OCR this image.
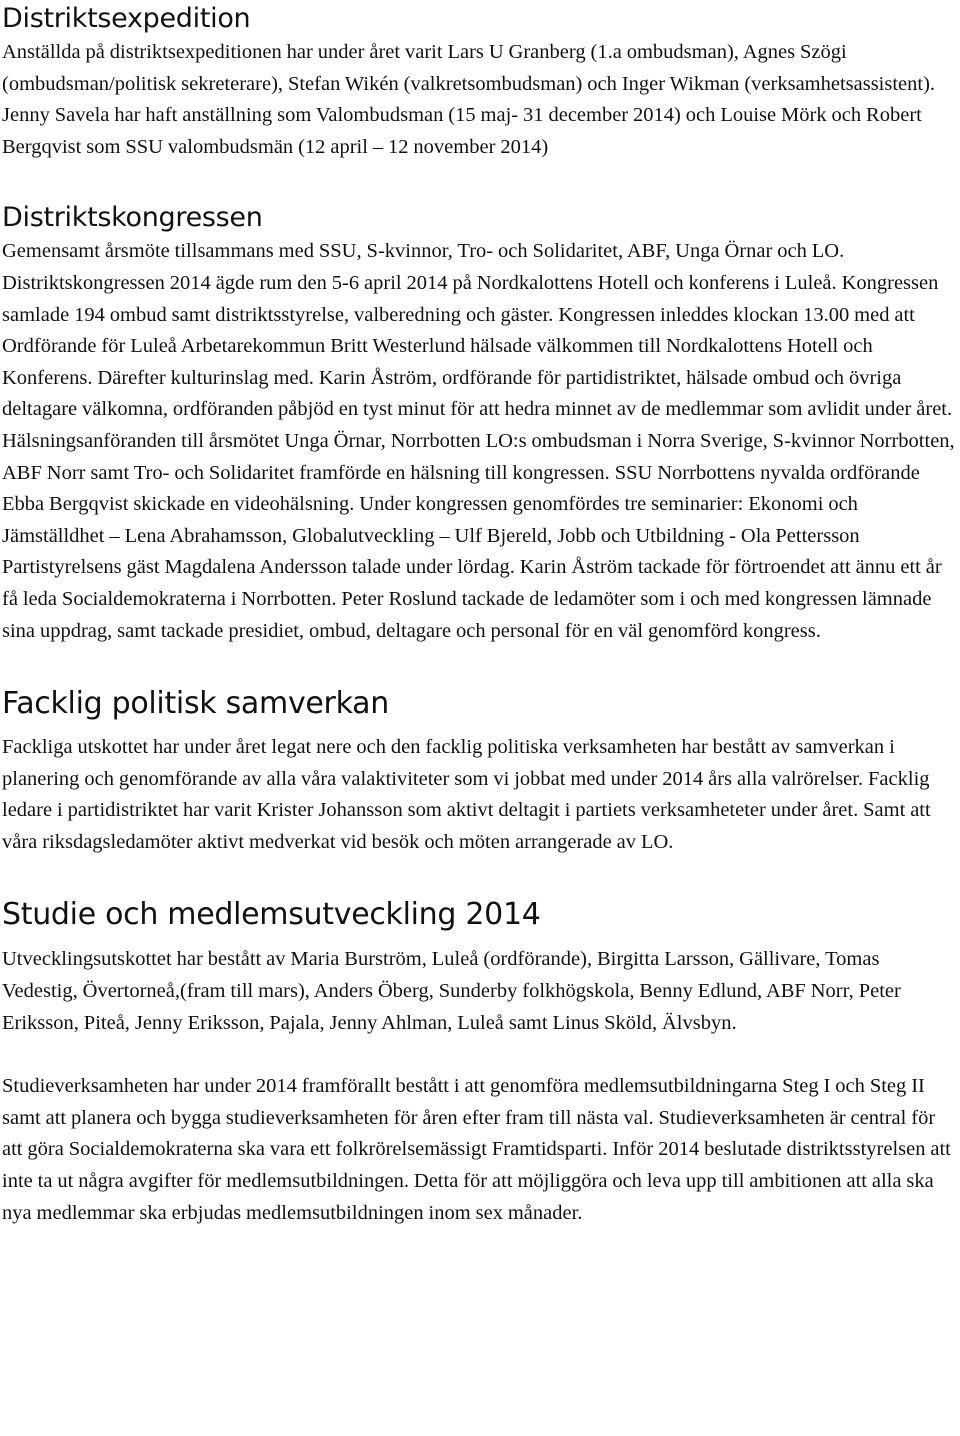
Distriktsexpedition

Anställda på distriktsexpeditionen har under året varit Lars U Granberg (1.a ombudsman), Agnes Szögi (ombudsman/politisk sekreterare), Stefan Wikén (valkretsombudsman) och Inger Wikman (verksamhetsassistent). Jenny Savela har haft anställning som Valombudsman (15 maj- 31 december 2014) och Louise Mörk och Robert Bergqvist som SSU valombudsmän (12 april – 12 november 2014)

Distriktskongressen

Gemensamt årsmöte tillsammans med SSU, S-kvinnor, Tro- och Solidaritet, ABF, Unga Örnar och LO. Distriktskongressen 2014 ägde rum den 5-6 april 2014 på Nordkalottens Hotell och konferens i Luleå. Kongressen samlade 194 ombud samt distriktsstyrelse, valberedning och gäster. Kongressen inleddes klockan 13.00 med att Ordförande för Luleå Arbetarekommun Britt Westerlund hälsade välkommen till Nordkalottens Hotell och Konferens. Därefter kulturinslag med. Karin Åström, ordförande för partidistriktet, hälsade ombud och övriga deltagare välkomna, ordföranden påbjöd en tyst minut för att hedra minnet av de medlemmar som avlidit under året. Hälsningsanföranden till årsmötet Unga Örnar, Norrbotten LO:s ombudsman i Norra Sverige, S-kvinnor Norrbotten, ABF Norr samt Tro- och Solidaritet framförde en hälsning till kongressen. SSU Norrbottens nyvalda ordförande Ebba Bergqvist skickade en videohälsning. Under kongressen genomfördes tre seminarier: Ekonomi och Jämställdhet – Lena Abrahamsson, Globalutveckling – Ulf Bjereld, Jobb och Utbildning - Ola Pettersson

Partistyrelsens gäst Magdalena Andersson talade under lördag. Karin Åström tackade för förtroendet att ännu ett år få leda Socialdemokraterna i Norrbotten. Peter Roslund tackade de ledamöter som i och med kongressen lämnade sina uppdrag, samt tackade presidiet, ombud, deltagare och personal för en väl genomförd kongress.

Facklig politisk samverkan

Fackliga utskottet har under året legat nere och den facklig politiska verksamheten har bestått av samverkan i planering och genomförande av alla våra valaktiviteter som vi jobbat med under 2014 års alla valrörelser. Facklig ledare i partidistriktet har varit Krister Johansson som aktivt deltagit i partiets verksamheteter under året. Samt att våra riksdagsledamöter aktivt medverkat vid besök och möten arrangerade av LO.

Studie och medlemsutveckling 2014

Utvecklingsutskottet har bestått av Maria Burström, Luleå (ordförande), Birgitta Larsson, Gällivare, Tomas Vedestig, Övertorneå,(fram till mars), Anders Öberg, Sunderby folkhögskola, Benny Edlund, ABF Norr, Peter Eriksson, Piteå, Jenny Eriksson, Pajala, Jenny Ahlman, Luleå samt Linus Sköld, Älvsbyn.

Studieverksamheten har under 2014 framförallt bestått i att genomföra medlemsutbildningarna Steg I och Steg II samt att planera och bygga studieverksamheten för åren efter fram till nästa val. Studieverksamheten är central för att göra Socialdemokraterna ska vara ett folkrörelsemässigt Framtidsparti. Inför 2014 beslutade distriktsstyrelsen att inte ta ut några avgifter för medlemsutbildningen. Detta för att möjliggöra och leva upp till ambitionen att alla ska nya medlemmar ska erbjudas medlemsutbildningen inom sex månader.
